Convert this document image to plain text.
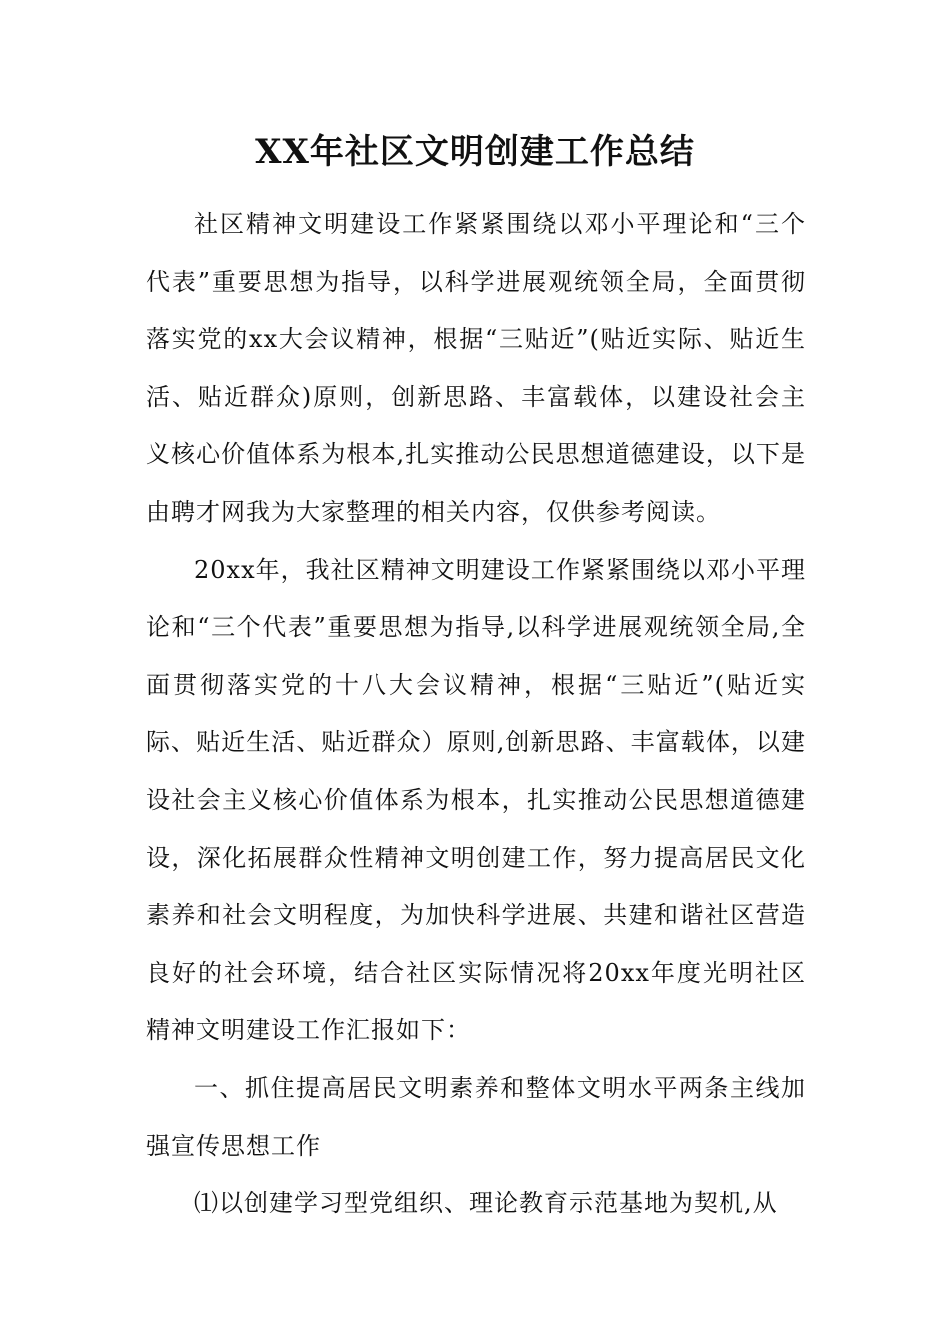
XX年社区文明创建工作总结

社区精神文明建设工作紧紧围绕以邓小平理论和“三个代表”重要思想为指导，以科学进展观统领全局，全面贯彻落实党的xx大会议精神，根据“三贴近”(贴近实际、贴近生活、贴近群众)原则，创新思路、丰富载体，以建设社会主义核心价值体系为根本,扎实推动公民思想道德建设，以下是由聘才网我为大家整理的相关内容，仅供参考阅读。

20xx年，我社区精神文明建设工作紧紧围绕以邓小平理论和“三个代表”重要思想为指导,以科学进展观统领全局,全面贯彻落实党的十八大会议精神，根据“三贴近”(贴近实际、贴近生活、贴近群众）原则,创新思路、丰富载体，以建设社会主义核心价值体系为根本，扎实推动公民思想道德建设，深化拓展群众性精神文明创建工作，努力提高居民文化素养和社会文明程度，为加快科学进展、共建和谐社区营造良好的社会环境，结合社区实际情况将20xx年度光明社区精神文明建设工作汇报如下：

一、抓住提高居民文明素养和整体文明水平两条主线加强宣传思想工作

⑴以创建学习型党组织、理论教育示范基地为契机,从
